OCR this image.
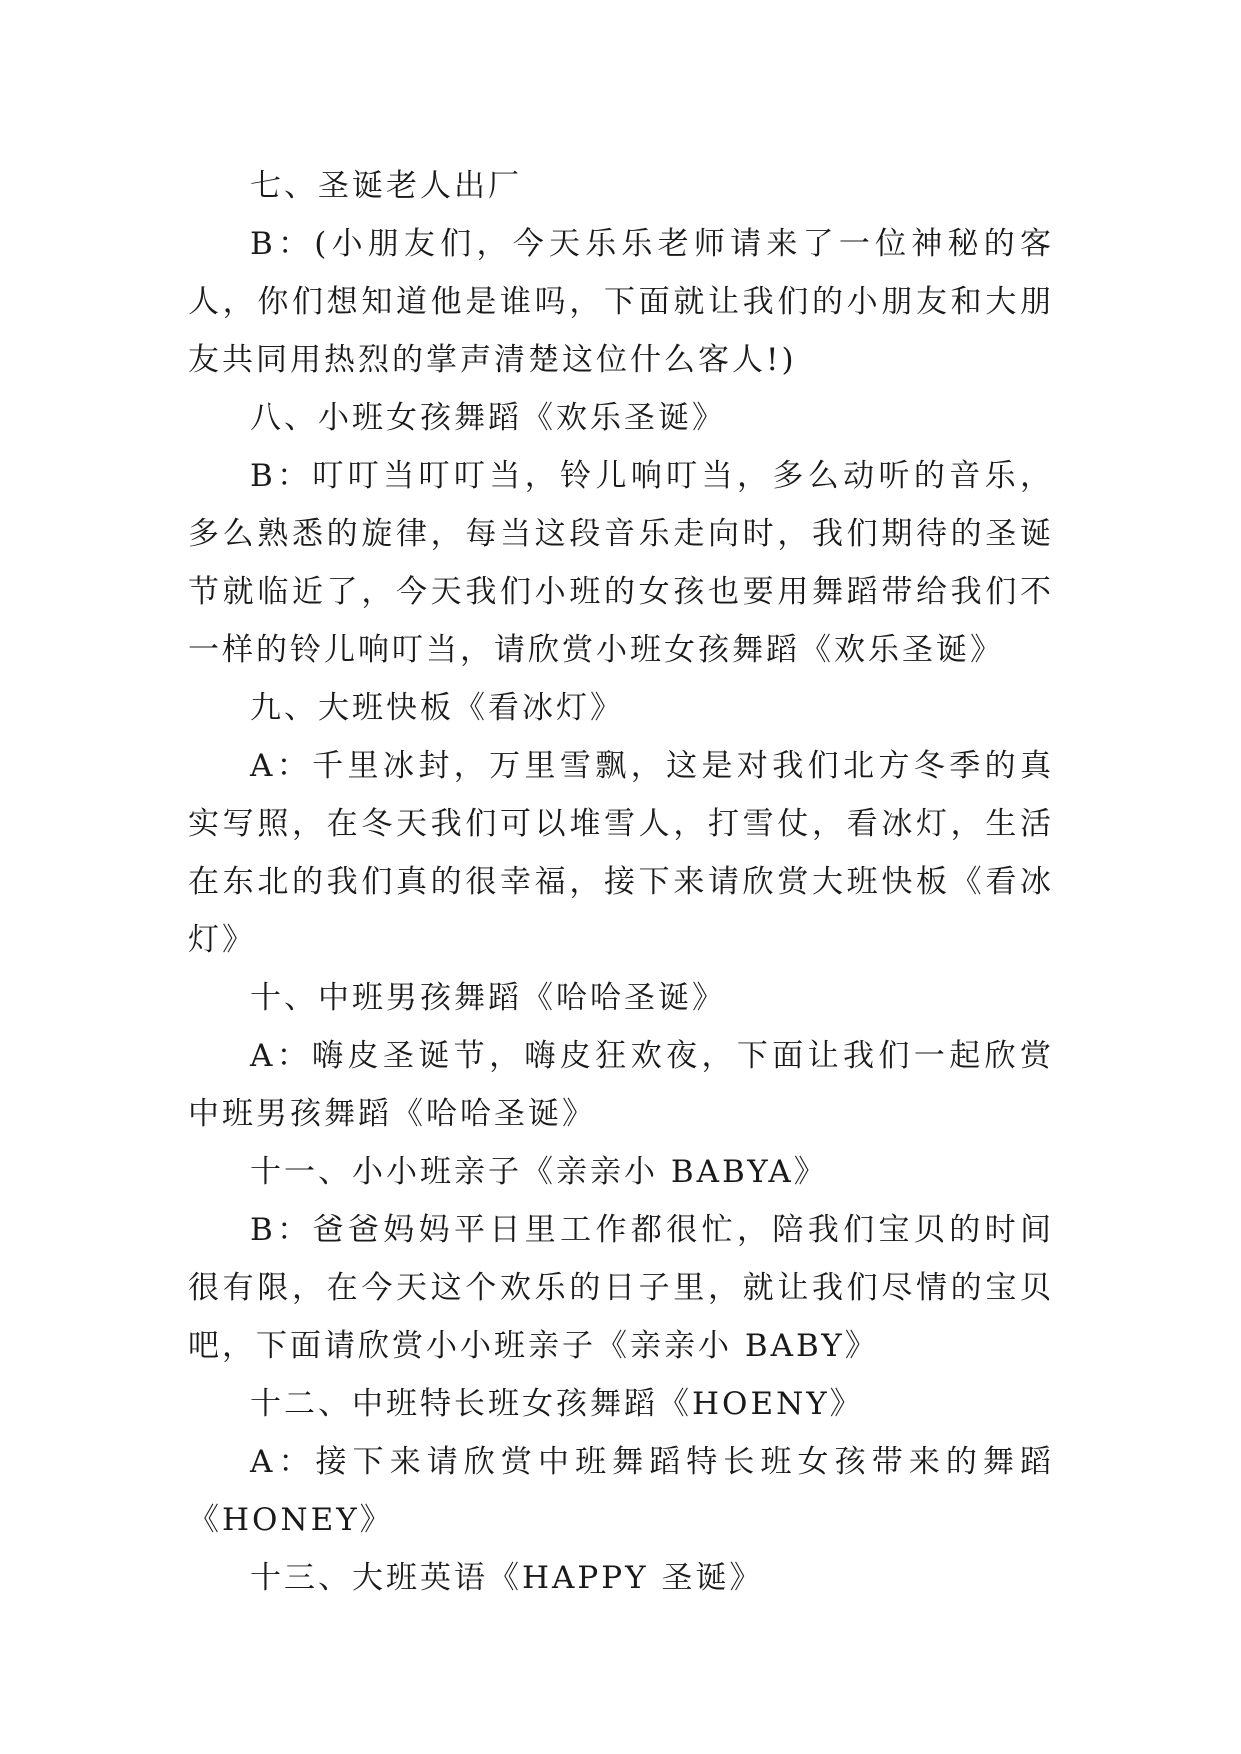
七、圣诞老人出厂

B：(小朋友们，今天乐乐老师请来了一位神秘的客人，你们想知道他是谁吗，下面就让我们的小朋友和大朋友共同用热烈的掌声清楚这位什么客人!)

八、小班女孩舞蹈《欢乐圣诞》

B：叮叮当叮叮当，铃儿响叮当，多么动听的音乐，多么熟悉的旋律，每当这段音乐走向时，我们期待的圣诞节就临近了，今天我们小班的女孩也要用舞蹈带给我们不一样的铃儿响叮当，请欣赏小班女孩舞蹈《欢乐圣诞》

九、大班快板《看冰灯》

A：千里冰封，万里雪飘，这是对我们北方冬季的真实写照，在冬天我们可以堆雪人，打雪仗，看冰灯，生活在东北的我们真的很幸福，接下来请欣赏大班快板《看冰灯》

十、中班男孩舞蹈《哈哈圣诞》

A：嗨皮圣诞节，嗨皮狂欢夜，下面让我们一起欣赏中班男孩舞蹈《哈哈圣诞》

十一、小小班亲子《亲亲小 BABYA》

B：爸爸妈妈平日里工作都很忙，陪我们宝贝的时间很有限，在今天这个欢乐的日子里，就让我们尽情的宝贝吧，下面请欣赏小小班亲子《亲亲小 BABY》

十二、中班特长班女孩舞蹈《HOENY》

A：接下来请欣赏中班舞蹈特长班女孩带来的舞蹈《HONEY》

十三、大班英语《HAPPY 圣诞》
